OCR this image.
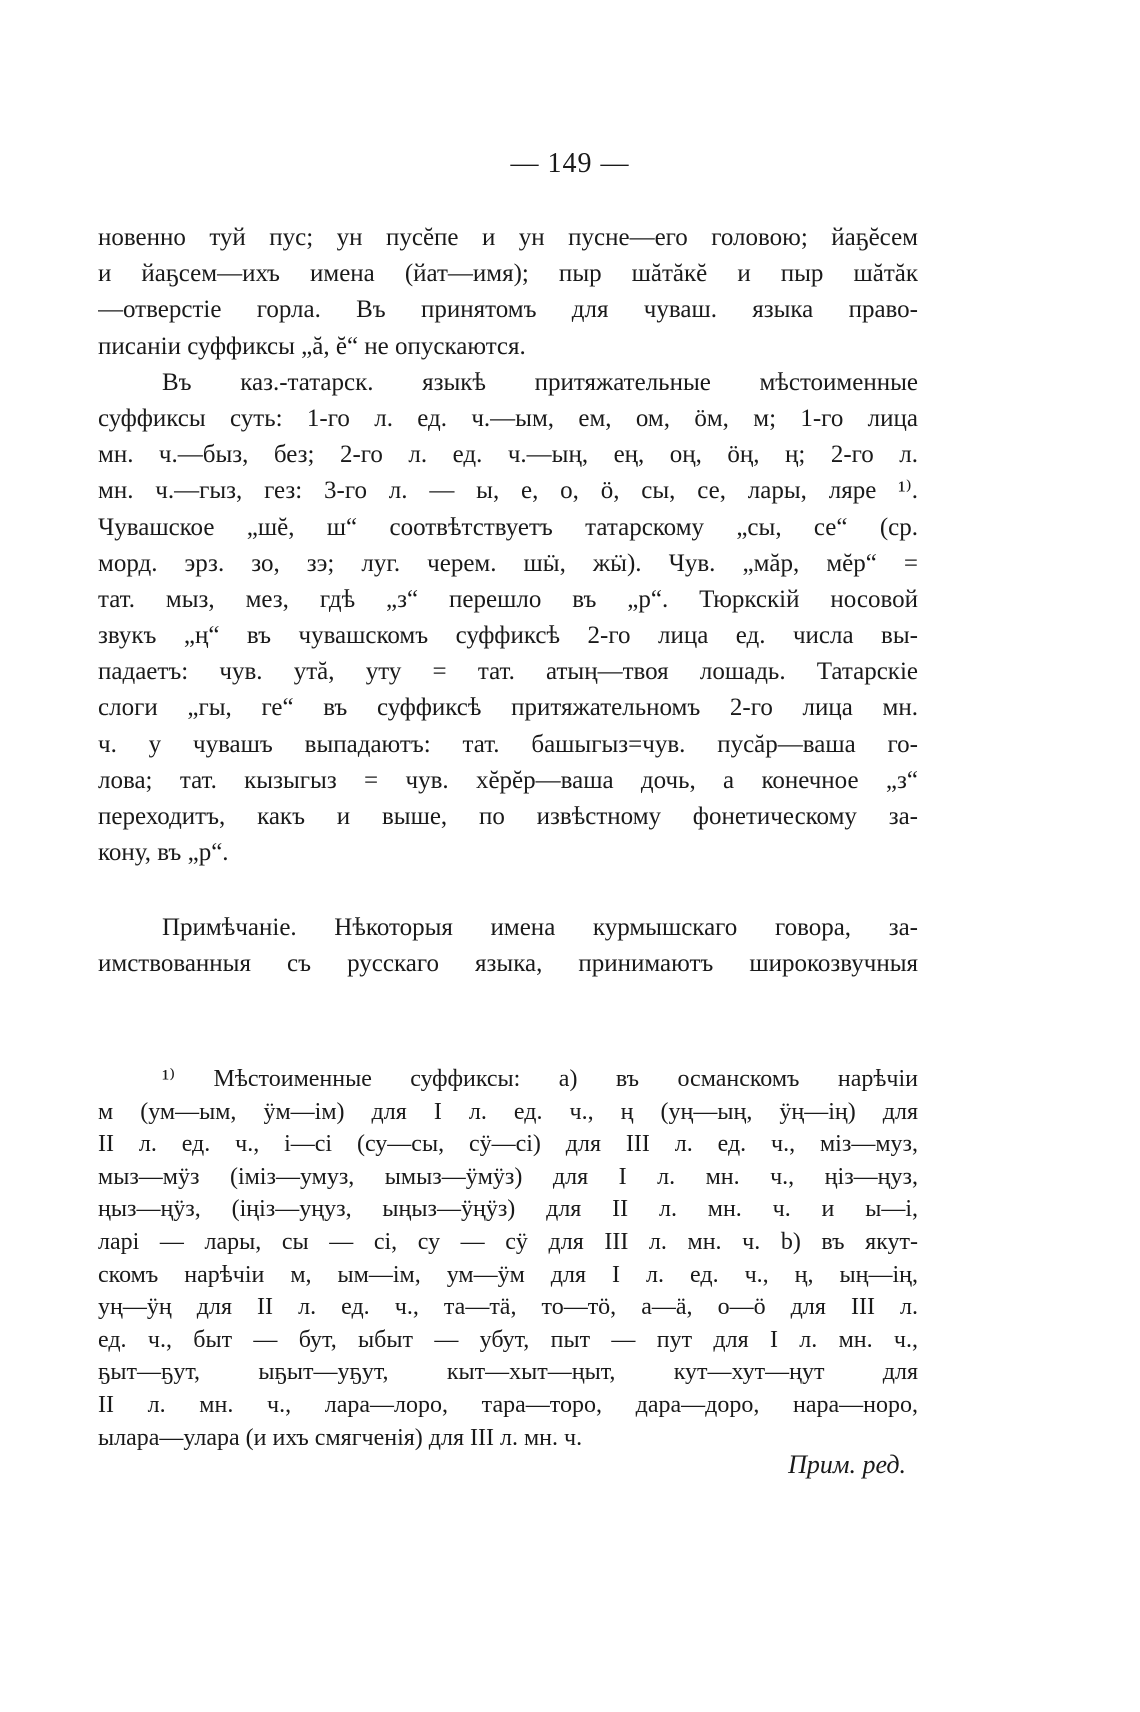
— 149 —
новенно туй пус; ун пусĕпе и ун пусне—его головою; йаҕĕсем
и йаҕсем—ихъ имена (йат—имя); пыр шăтăкĕ и пыр шăтăк
—отверстiе горла. Въ принятомъ для чуваш. языка право-
писанiи суффиксы „ă, ĕ“ не опускаются.
Въ каз.-татарск. языкѣ притяжательные мѣстоименные
суффиксы суть: 1-го л. ед. ч.—ым, ем, ом, ӧм, м; 1-го лица
мн. ч.—быз, без; 2-го л. ед. ч.—ың, ең, оң, ӧң, ң; 2-го л.
мн. ч.—гыз, гез: 3-го л. — ы, е, о, ӧ, сы, се, лары, ляре ¹⁾.
Чувашское „шĕ, ш“ соотвѣтствуетъ татарскому „сы, се“ (ср.
морд. эрз. зо, зэ; луг. черем. шӹ, жӹ). Чув. „мăр, мĕр“ =
тат. мыз, мез, гдѣ „з“ перешло въ „р“. Тюркскiй носовой
звукъ „ң“ въ чувашскомъ суффиксѣ 2-го лица ед. числа вы-
падаетъ: чув. утă, уту = тат. атың—твоя лошадь. Татарскiе
слоги „гы, ге“ въ суффиксѣ притяжательномъ 2-го лица мн.
ч. у чувашъ выпадаютъ: тат. башыгыз=чув. пусăр—ваша го-
лова; тат. кызыгыз = чув. хĕрĕр—ваша дочь, а конечное „з“
переходитъ, какъ и выше, по извѣстному фонетическому за-
кону, въ „р“.
Примѣчанiе. Нѣкоторыя имена курмышскаго говора, за-
имствованныя съ русскаго языка, принимаютъ широкозвучныя
¹⁾ Мѣстоименные суффиксы: а) въ османскомъ нарѣчiи
м (ум—ым, ӱм—iм) для I л. ед. ч., ң (уң—ың, ӱң—iң) для
II л. ед. ч., i—сi (су—сы, сӱ—сi) для III л. ед. ч., мiз—муз,
мыз—мӱз (iмiз—умуз, ымыз—ӱмӱз) для I л. мн. ч., ңiз—ңуз,
ңыз—ңӱз, (iңiз—уңуз, ыңыз—ӱңӱз) для II л. мн. ч. и ы—i,
ларi — лары, сы — сi, су — сӱ для III л. мн. ч. b) въ якут-
скомъ нарѣчiи м, ым—iм, ум—ӱм для I л. ед. ч., ң, ың—iң,
уң—ӱң для II л. ед. ч., та—тӓ, то—тӧ, а—ӓ, о—ӧ для III л.
ед. ч., быт — бут, ыбыт — убут, пыт — пут для I л. мн. ч.,
ҕыт—ҕут, ыҕыт—уҕут, кыт—хыт—ңыт, кут—хут—ңут для
II л. мн. ч., лара—лоро, тара—торо, дара—доро, нара—норо,
ылара—улара (и ихъ смягченiя) для III л. мн. ч.
Прим. ред.
